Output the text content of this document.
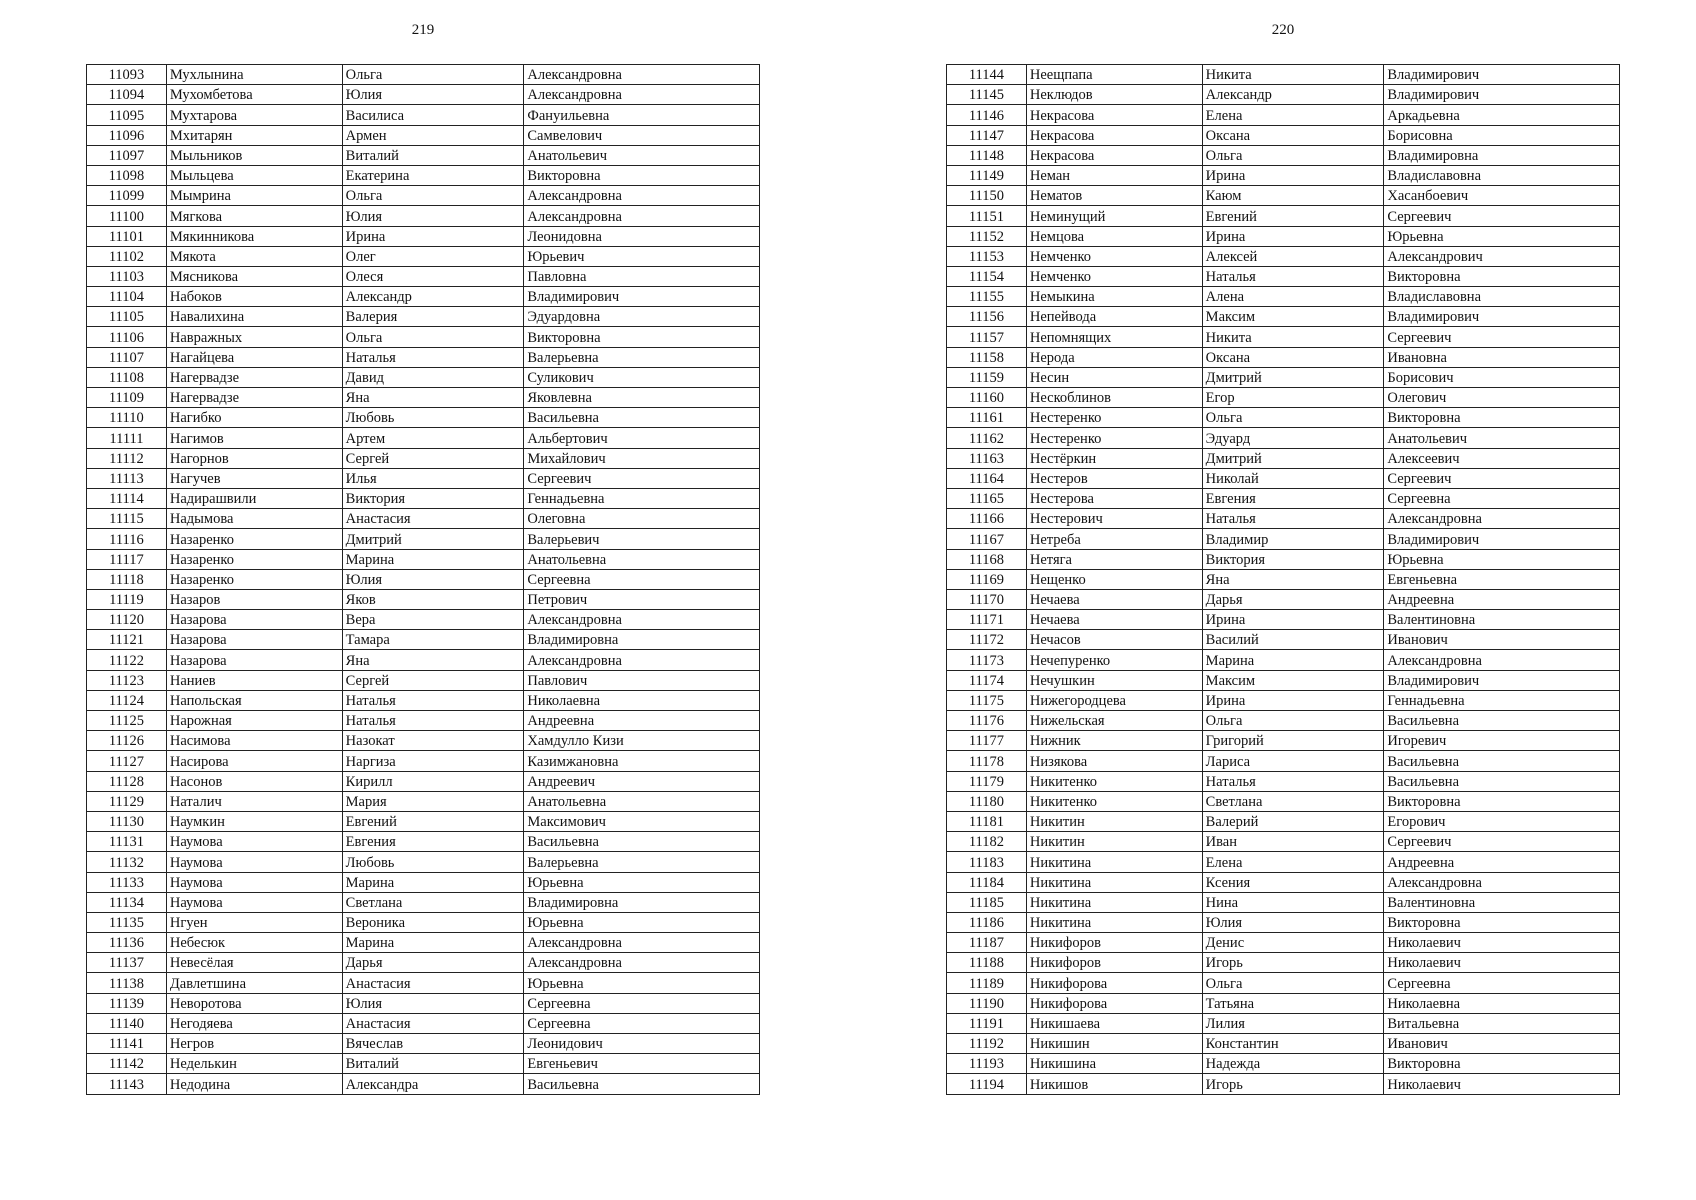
219
11093	Мухлынина	Ольга	Александровна
11094	Мухомбетова	Юлия	Александровна
11095	Мухтарова	Василиса	Фануильевна
11096	Мхитарян	Армен	Самвелович
11097	Мыльников	Виталий	Анатольевич
11098	Мыльцева	Екатерина	Викторовна
11099	Мымрина	Ольга	Александровна
11100	Мягкова	Юлия	Александровна
11101	Мякинникова	Ирина	Леонидовна
11102	Мякота	Олег	Юрьевич
11103	Мясникова	Олеся	Павловна
11104	Набоков	Александр	Владимирович
11105	Навалихина	Валерия	Эдуардовна
11106	Навражных	Ольга	Викторовна
11107	Нагайцева	Наталья	Валерьевна
11108	Нагервадзе	Давид	Суликович
11109	Нагервадзе	Яна	Яковлевна
11110	Нагибко	Любовь	Васильевна
11111	Нагимов	Артем	Альбертович
11112	Нагорнов	Сергей	Михайлович
11113	Нагучев	Илья	Сергеевич
11114	Надирашвили	Виктория	Геннадьевна
11115	Надымова	Анастасия	Олеговна
11116	Назаренко	Дмитрий	Валерьевич
11117	Назаренко	Марина	Анатольевна
11118	Назаренко	Юлия	Сергеевна
11119	Назаров	Яков	Петрович
11120	Назарова	Вера	Александровна
11121	Назарова	Тамара	Владимировна
11122	Назарова	Яна	Александровна
11123	Наниев	Сергей	Павлович
11124	Напольская	Наталья	Николаевна
11125	Нарожная	Наталья	Андреевна
11126	Насимова	Назокат	Хамдулло Кизи
11127	Насирова	Наргиза	Казимжановна
11128	Насонов	Кирилл	Андреевич
11129	Наталич	Мария	Анатольевна
11130	Наумкин	Евгений	Максимович
11131	Наумова	Евгения	Васильевна
11132	Наумова	Любовь	Валерьевна
11133	Наумова	Марина	Юрьевна
11134	Наумова	Светлана	Владимировна
11135	Нгуен	Вероника	Юрьевна
11136	Небесюк	Марина	Александровна
11137	Невесёлая	Дарья	Александровна
11138	Давлетшина	Анастасия	Юрьевна
11139	Неворотова	Юлия	Сергеевна
11140	Негодяева	Анастасия	Сергеевна
11141	Негров	Вячеслав	Леонидович
11142	Неделькин	Виталий	Евгеньевич
11143	Недодина	Александра	Васильевна
220
11144	Неещпапа	Никита	Владимирович
11145	Неклюдов	Александр	Владимирович
11146	Некрасова	Елена	Аркадьевна
11147	Некрасова	Оксана	Борисовна
11148	Некрасова	Ольга	Владимировна
11149	Неман	Ирина	Владиславовна
11150	Нематов	Каюм	Хасанбоевич
11151	Неминущий	Евгений	Сергеевич
11152	Немцова	Ирина	Юрьевна
11153	Немченко	Алексей	Александрович
11154	Немченко	Наталья	Викторовна
11155	Немыкина	Алена	Владиславовна
11156	Непейвода	Максим	Владимирович
11157	Непомнящих	Никита	Сергеевич
11158	Нерода	Оксана	Ивановна
11159	Несин	Дмитрий	Борисович
11160	Нескоблинов	Егор	Олегович
11161	Нестеренко	Ольга	Викторовна
11162	Нестеренко	Эдуард	Анатольевич
11163	Нестёркин	Дмитрий	Алексеевич
11164	Нестеров	Николай	Сергеевич
11165	Нестерова	Евгения	Сергеевна
11166	Нестерович	Наталья	Александровна
11167	Нетреба	Владимир	Владимирович
11168	Нетяга	Виктория	Юрьевна
11169	Нещенко	Яна	Евгеньевна
11170	Нечаева	Дарья	Андреевна
11171	Нечаева	Ирина	Валентиновна
11172	Нечасов	Василий	Иванович
11173	Нечепуренко	Марина	Александровна
11174	Нечушкин	Максим	Владимирович
11175	Нижегородцева	Ирина	Геннадьевна
11176	Нижельская	Ольга	Васильевна
11177	Нижник	Григорий	Игоревич
11178	Низякова	Лариса	Васильевна
11179	Никитенко	Наталья	Васильевна
11180	Никитенко	Светлана	Викторовна
11181	Никитин	Валерий	Егорович
11182	Никитин	Иван	Сергеевич
11183	Никитина	Елена	Андреевна
11184	Никитина	Ксения	Александровна
11185	Никитина	Нина	Валентиновна
11186	Никитина	Юлия	Викторовна
11187	Никифоров	Денис	Николаевич
11188	Никифоров	Игорь	Николаевич
11189	Никифорова	Ольга	Сергеевна
11190	Никифорова	Татьяна	Николаевна
11191	Никишаева	Лилия	Витальевна
11192	Никишин	Константин	Иванович
11193	Никишина	Надежда	Викторовна
11194	Никишов	Игорь	Николаевич
